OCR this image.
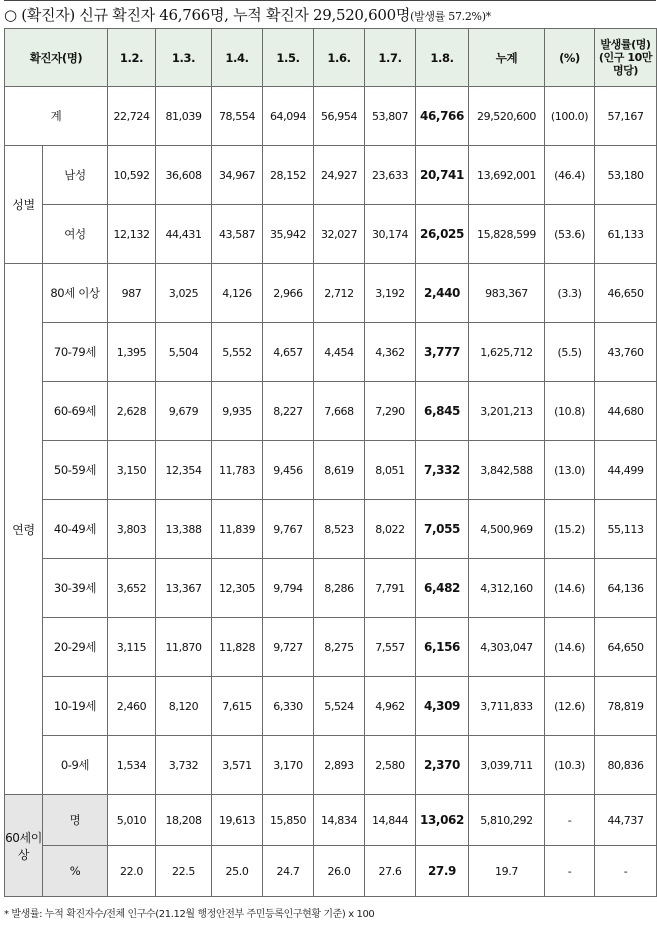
○ (확진자) 신규 확진자 46,766명, 누적 확진자 29,520,600명(발생률 57.2%)*
확진자(명)		1.2.	1.3.	1.4.	1.5.	1.6.	1.7.	1.8.	누계	(%)	발생률(명)
(인구 10만명당)
계		22,724	81,039	78,554	64,094	56,954	53,807	46,766	29,520,600	(100.0)	57,167
성별	남성	10,592	36,608	34,967	28,152	24,927	23,633	20,741	13,692,001	(46.4)	53,180
	여성	12,132	44,431	43,587	35,942	32,027	30,174	26,025	15,828,599	(53.6)	61,133
연령	80세 이상	987	3,025	4,126	2,966	2,712	3,192	2,440	983,367	(3.3)	46,650
	70-79세	1,395	5,504	5,552	4,657	4,454	4,362	3,777	1,625,712	(5.5)	43,760
	60-69세	2,628	9,679	9,935	8,227	7,668	7,290	6,845	3,201,213	(10.8)	44,680
	50-59세	3,150	12,354	11,783	9,456	8,619	8,051	7,332	3,842,588	(13.0)	44,499
	40-49세	3,803	13,388	11,839	9,767	8,523	8,022	7,055	4,500,969	(15.2)	55,113
	30-39세	3,652	13,367	12,305	9,794	8,286	7,791	6,482	4,312,160	(14.6)	64,136
	20-29세	3,115	11,870	11,828	9,727	8,275	7,557	6,156	4,303,047	(14.6)	64,650
	10-19세	2,460	8,120	7,615	6,330	5,524	4,962	4,309	3,711,833	(12.6)	78,819
	0-9세	1,534	3,732	3,571	3,170	2,893	2,580	2,370	3,039,711	(10.3)	80,836
60세이상	명	5,010	18,208	19,613	15,850	14,834	14,844	13,062	5,810,292	-	44,737
	%	22.0	22.5	25.0	24.7	26.0	27.6	27.9	19.7	-	-
* 발생률: 누적 확진자수/전체 인구수(21.12월 행정안전부 주민등록인구현황 기준) x 100
